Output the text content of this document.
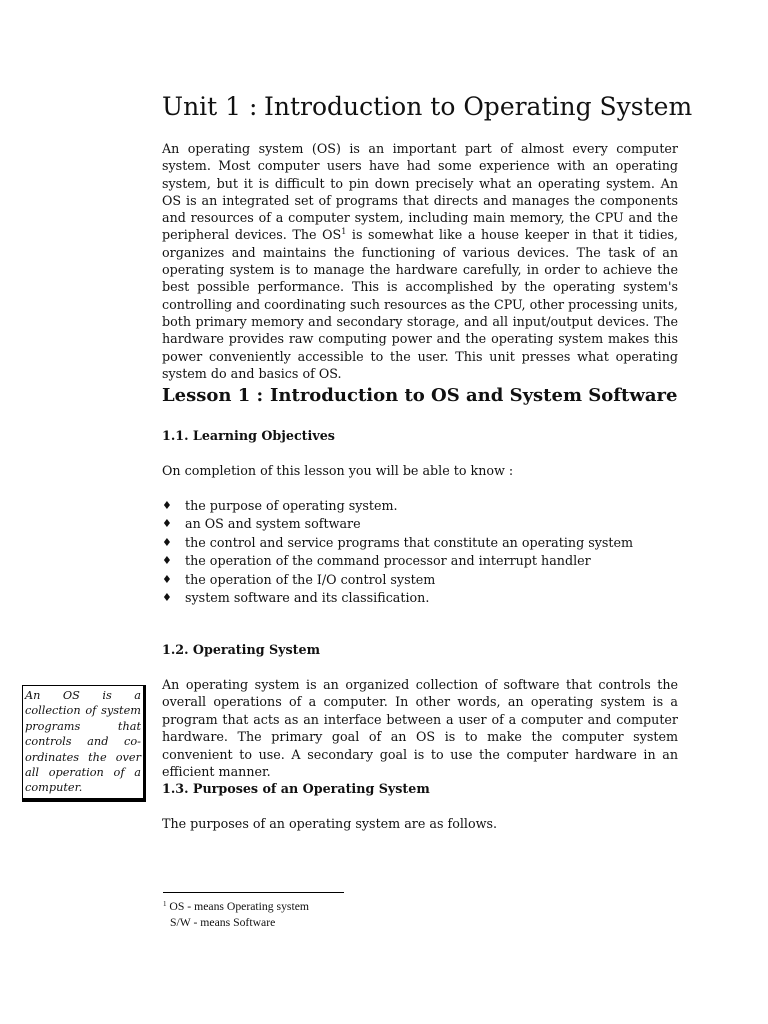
Unit 1 : Introduction to Operating System

An operating system (OS) is an important part of almost every computer system. Most computer users have had some experience with an operating system, but it is difficult to pin down precisely what an operating system. An OS is an integrated set of programs that directs and manages the components and resources of a computer system, including main memory, the CPU and the peripheral devices. The $OS^1$ is somewhat like a house keeper in that it tidies, organizes and maintains the functioning of various devices. The task of an operating system is to manage the hardware carefully, in order to achieve the best possible performance. This is accomplished by the operating system's controlling and coordinating such resources as the CPU, other processing units, both primary memory and secondary storage, and all input/output devices. The hardware provides raw computing power and the operating system makes this power conveniently accessible to the user. This unit presses what operating system do and basics of OS.

Lesson 1 : Introduction to OS and System Software
1.1. Learning Objectives

On completion of this lesson you will be able to know :

♦ the purpose of operating system.
♦ an OS and system software
♦ the control and service programs that constitute an operating system
♦ the operation of the command processor and interrupt handler
♦ the operation of the I/O control system
♦ system software and its classification.
1.2. Operating System
An OS is a collection of system programs that controls and co-ordinates the over all operation of a computer.

An operating system is an organized collection of software that controls the overall operations of a computer. In other words, an operating system is a program that acts as an interface between a user of a computer and computer hardware. The primary goal of an OS is to make the computer system convenient to use. A secondary goal is to use the computer hardware in an efficient manner.

1.3. Purposes of an Operating System

The purposes of an operating system are as follows.

$^1$ OS - means Operating system

S/W - means Software
